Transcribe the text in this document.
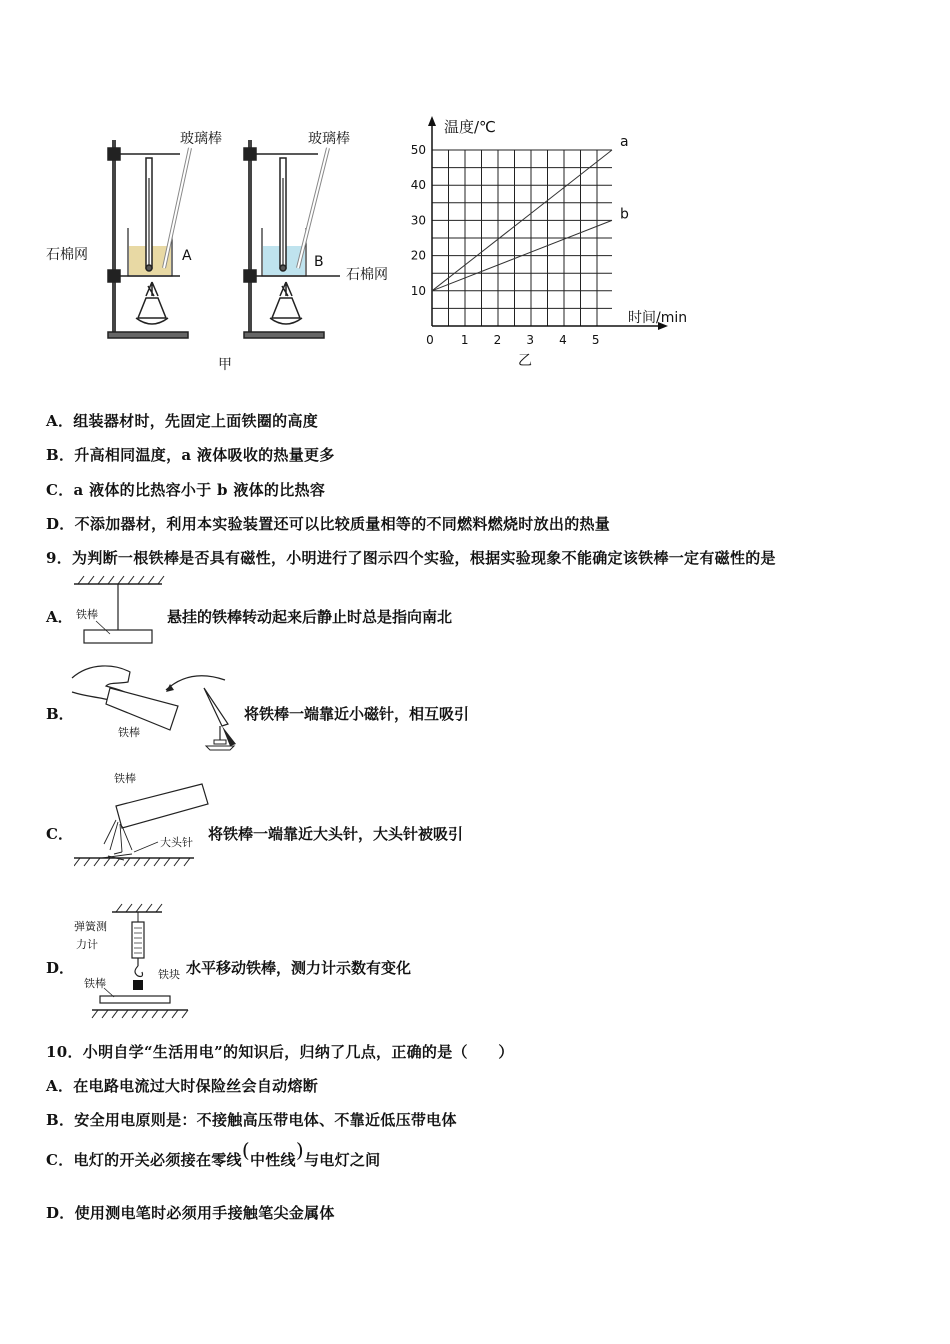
玻璃棒	玻璃棒
石棉网
石棉网
A	B
甲
温度/℃
时间/min
0 1 2 3 4 5
10
20
30
40
50	a
b
乙
A．组装器材时，先固定上面铁圈的高度
B．升高相同温度，a 液体吸收的热量更多
C．a 液体的比热容小于 b 液体的比热容
D．不添加器材，利用本实验装置还可以比较质量相等的不同燃料燃烧时放出的热量
9．为判断一根铁棒是否具有磁性，小明进行了图示四个实验，根据实验现象不能确定该铁棒一定有磁性的是
A． 铁棒	悬挂的铁棒转动起来后静止时总是指向南北
B．
铁棒
将铁棒一端靠近小磁针，相互吸引
C．
铁棒
大头针 将铁棒一端靠近大头针，大头针被吸引
D．
弹簧测
力计
铁块
铁棒
水平移动铁棒，测力计示数有变化
10．小明自学“生活用电”的知识后，归纳了几点，正确的是（　　）
A．在电路电流过大时保险丝会自动熔断
B．安全用电原则是：不接触高压带电体、不靠近低压带电体
C．电灯的开关必须接在零线(中性线)与电灯之间
D．使用测电笔时必须用手接触笔尖金属体
